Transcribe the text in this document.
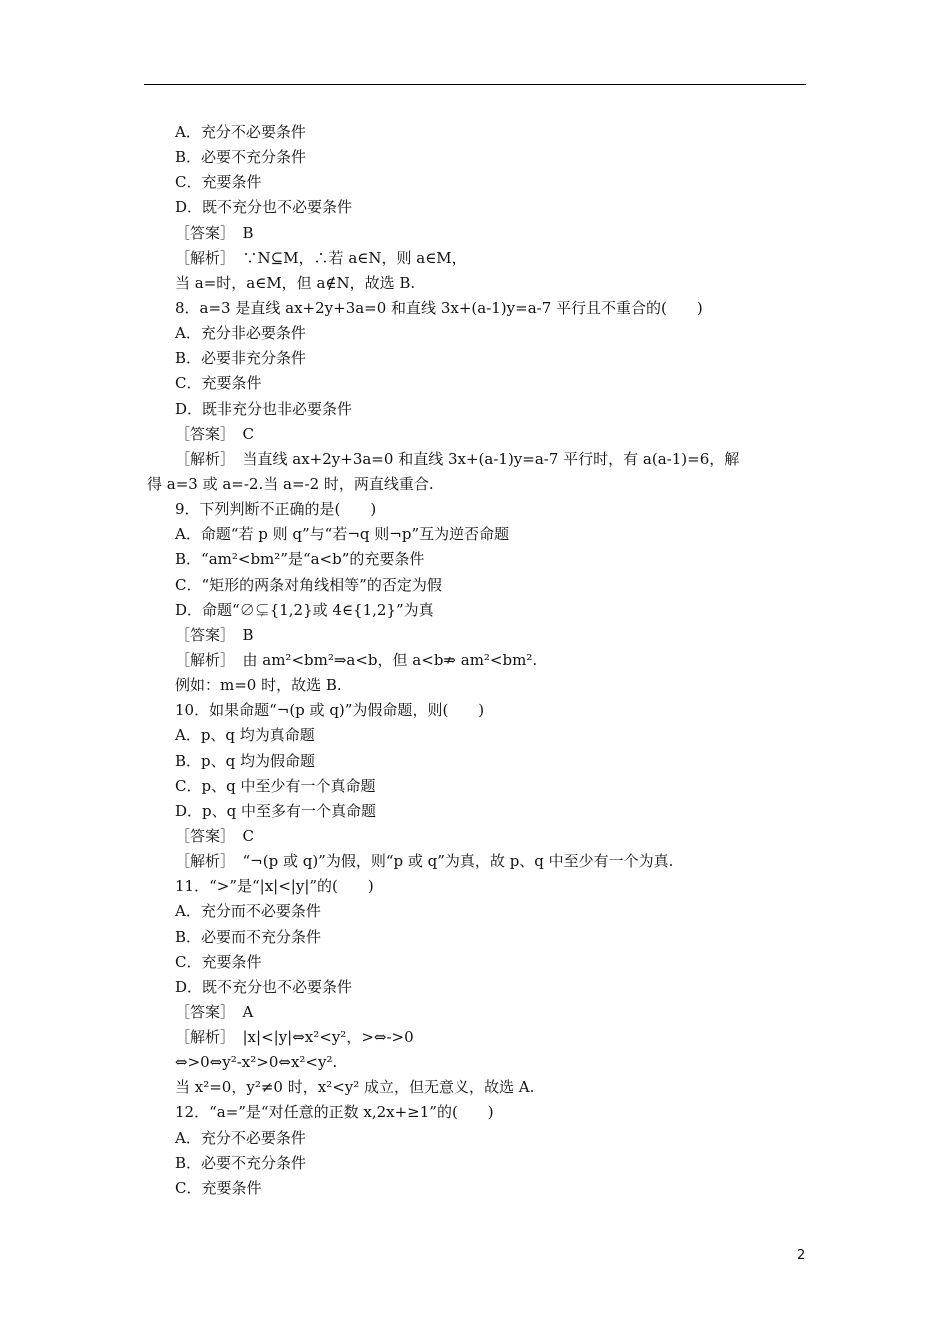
A．充分不必要条件
B．必要不充分条件
C．充要条件
D．既不充分也不必要条件
［答案］　B
［解析］　∵N⊆M，∴若 a∈N，则 a∈M，
当 a=时，a∈M，但 a∉N，故选 B.
8．a=3 是直线 ax+2y+3a=0 和直线 3x+(a-1)y=a-7 平行且不重合的(　　)
A．充分非必要条件
B．必要非充分条件
C．充要条件
D．既非充分也非必要条件
［答案］　C
［解析］　当直线 ax+2y+3a=0 和直线 3x+(a-1)y=a-7 平行时，有 a(a-1)=6，解
得 a=3 或 a=-2.当 a=-2 时，两直线重合.
9．下列判断不正确的是(　　)
A．命题“若 p 则 q”与“若¬q 则¬p”互为逆否命题
B．“am²<bm²”是“a<b”的充要条件
C．“矩形的两条对角线相等”的否定为假
D．命题“∅⊊{1,2}或 4∈{1,2}”为真
［答案］　B
［解析］　由 am²<bm²⇒a<b，但 a<b⇏ am²<bm².
例如：m=0 时，故选 B.
10．如果命题“¬(p 或 q)”为假命题，则(　　)
A．p、q 均为真命题
B．p、q 均为假命题
C．p、q 中至少有一个真命题
D．p、q 中至多有一个真命题
［答案］　C
［解析］　“¬(p 或 q)”为假，则“p 或 q”为真，故 p、q 中至少有一个为真.
11．“>”是“|x|<|y|”的(　　)
A．充分而不必要条件
B．必要而不充分条件
C．充要条件
D．既不充分也不必要条件
［答案］　A
［解析］　|x|<|y|⇔x²<y²，>⇔->0
⇔>0⇔y²-x²>0⇔x²<y².
当 x²=0，y²≠0 时，x²<y² 成立，但无意义，故选 A.
12．“a=”是“对任意的正数 x,2x+≥1”的(　　)
A．充分不必要条件
B．必要不充分条件
C．充要条件
2
